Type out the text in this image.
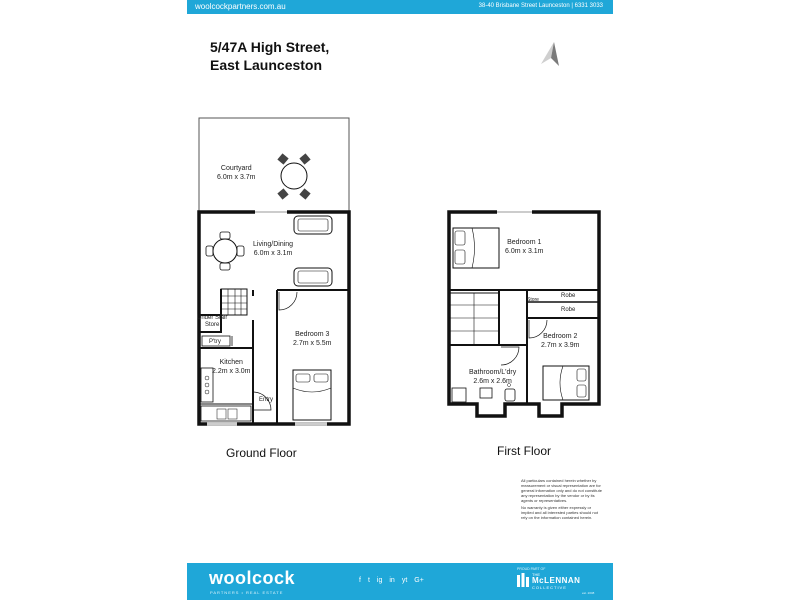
woolcockpartners.com.au	38-40 Brisbane Street Launceston | 6331 3033
5/47A High Street,
East Launceston
Courtyard
6.0m x 3.7m
Living/Dining
6.0m x 3.1m
Under Stair
Store
P'try
Kitchen
2.2m x 3.0m
Bedroom 3
2.7m x 5.5m
Entry
Ground Floor
Bedroom 1
6.0m x 3.1m
Store
Robe
Robe
Bedroom 2
2.7m x 3.9m
Bathroom/L'dry
2.6m x 2.6m
First Floor

All particulars contained herein whether by measurement or visual representation are for general information only and do not constitute any representation by the vendor or by its agents or representatives.

No warranty is given either expressly or implied and all interested parties should not rely on the information contained herein.

woolcock
PARTNERS • REAL ESTATE
f t ig in yt G+
PROUD PART OF
THE
McLENNAN
COLLECTIVE
est. 2008
